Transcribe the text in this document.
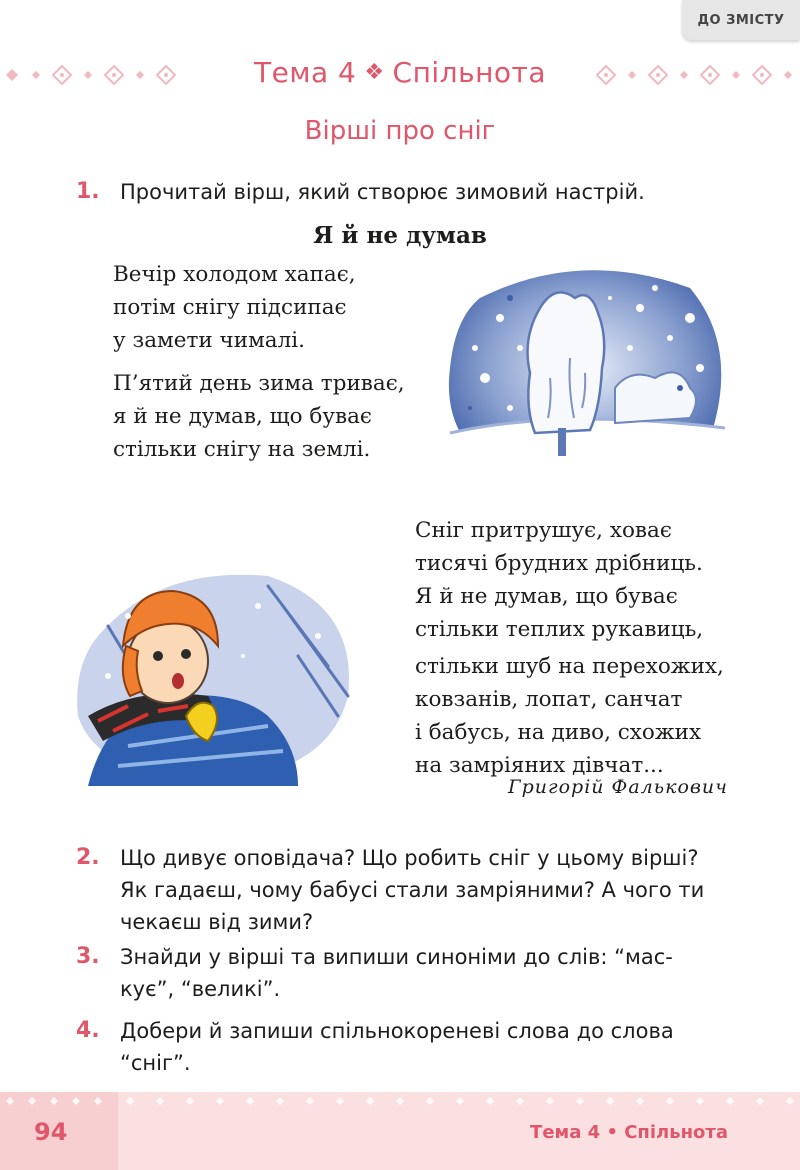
ДО ЗМІСТУ
Тема 4 ❖ Спільнота
Вірші про сніг
1. Прочитай вірш, який створює зимовий настрій.
Я й не думав
Вечір холодом хапає,
потім снігу підсипає
у замети чималі.
П’ятий день зима триває,
я й не думав, що буває
стільки снігу на землі.
Сніг притрушує, ховає
тисячі брудних дрібниць.
Я й не думав, що буває
стільки теплих рукавиць,
стільки шуб на перехожих,
ковзанів, лопат, санчат
і бабусь, на диво, схожих
на замріяних дівчат...
Григорій Фалькович
2. Що дивує оповідача? Що робить сніг у цьому вірші?
Як гадаєш, чому бабусі стали замріяними? А чого ти
чекаєш від зими?
3. Знайди у вірші та випиши синоніми до слів: “мас-
кує”, “великі”.
4. Добери й запиши спільнокореневі слова до слова
“сніг”.
94	Тема 4 • Спільнота
